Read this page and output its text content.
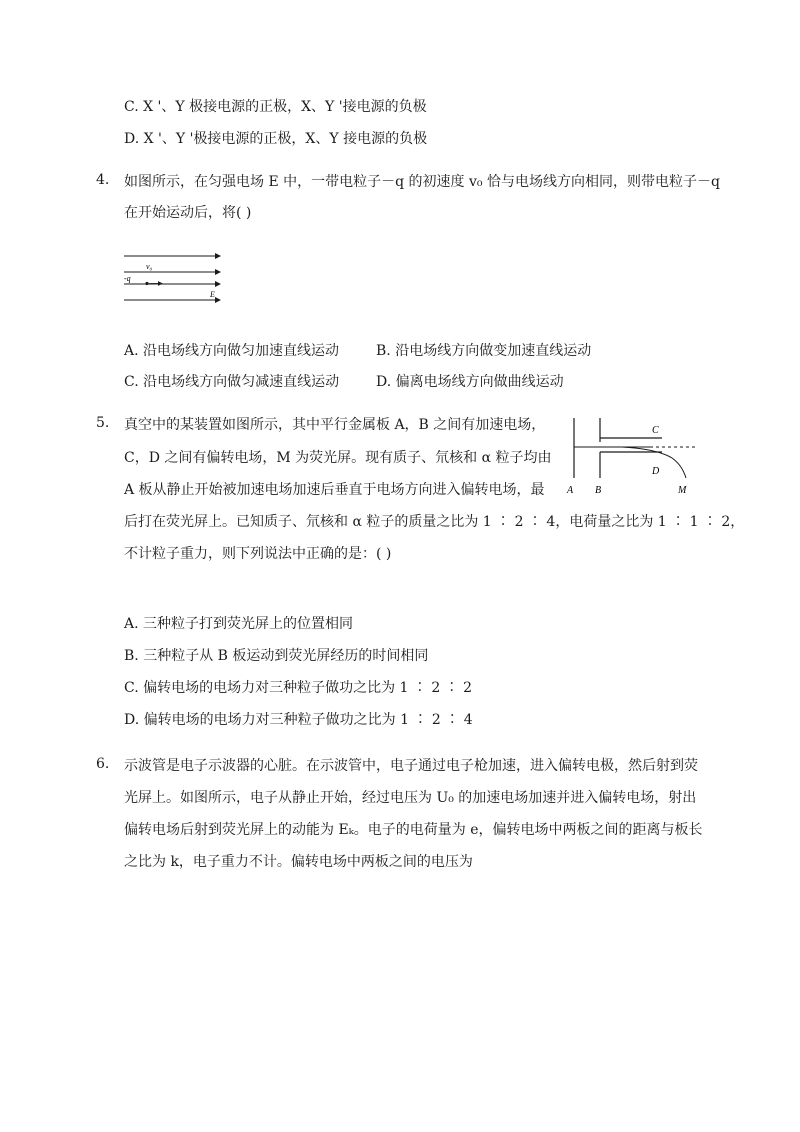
C. X '、Y 极接电源的正极，X、Y '接电源的负极
D. X '、Y '极接电源的正极，X、Y 接电源的负极
4. 如图所示，在匀强电场 E 中，一带电粒子－q 的初速度 v₀ 恰与电场线方向相同，则带电粒子－q
在开始运动后，将( )
v₀
-q
E
A. 沿电场线方向做匀加速直线运动	B. 沿电场线方向做变加速直线运动
C. 沿电场线方向做匀减速直线运动	D. 偏离电场线方向做曲线运动
5. 真空中的某装置如图所示，其中平行金属板 A，B 之间有加速电场，
C，D 之间有偏转电场，M 为荧光屏。现有质子、氘核和 α 粒子均由
A 板从静止开始被加速电场加速后垂直于电场方向进入偏转电场，最
后打在荧光屏上。已知质子、氘核和 α 粒子的质量之比为 1 ∶ 2 ∶ 4，电荷量之比为 1 ∶ 1 ∶ 2，
不计粒子重力，则下列说法中正确的是：( )
C
D
A B	M
A. 三种粒子打到荧光屏上的位置相同
B. 三种粒子从 B 板运动到荧光屏经历的时间相同
C. 偏转电场的电场力对三种粒子做功之比为 1 ∶ 2 ∶ 2
D. 偏转电场的电场力对三种粒子做功之比为 1 ∶ 2 ∶ 4
6. 示波管是电子示波器的心脏。在示波管中，电子通过电子枪加速，进入偏转电极，然后射到荧
光屏上。如图所示，电子从静止开始，经过电压为 U₀ 的加速电场加速并进入偏转电场，射出
偏转电场后射到荧光屏上的动能为 Eₖ。电子的电荷量为 e，偏转电场中两板之间的距离与板长
之比为 k，电子重力不计。偏转电场中两板之间的电压为
